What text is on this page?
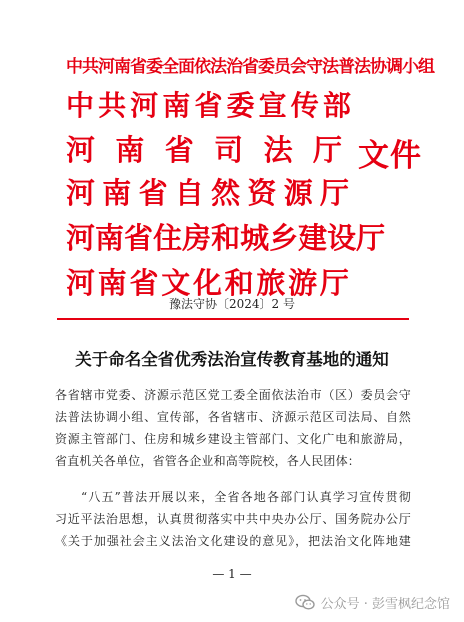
中 共 河 南 省 委 全 面 依 法 治 省 委 员 会 守 法 普 法 协 调 小 组
中 共 河 南 省 委 宣 传 部
河 南 省 司 法 厅
河 南 省 自 然 资 源 厅
河 南 省 住 房 和 城 乡 建 设 厅
河 南 省 文 化 和 旅 游 厅
文件
豫法守协〔2024〕2 号
关于命名全省优秀法治宣传教育基地的通知
各省辖市党委、济源示范区党工委全面依法治市（区）委员会守
法普法协调小组、宣传部，各省辖市、济源示范区司法局、自然
资源主管部门、住房和城乡建设主管部门、文化广电和旅游局，
省直机关各单位，省管各企业和高等院校，各人民团体：
“八五”普法开展以来，全省各地各部门认真学习宣传贯彻
习近平法治思想，认真贯彻落实中共中央办公厅、国务院办公厅
《关于加强社会主义法治文化建设的意见》，把法治文化阵地建
— 1 —
公众号 · 彭雪枫纪念馆
